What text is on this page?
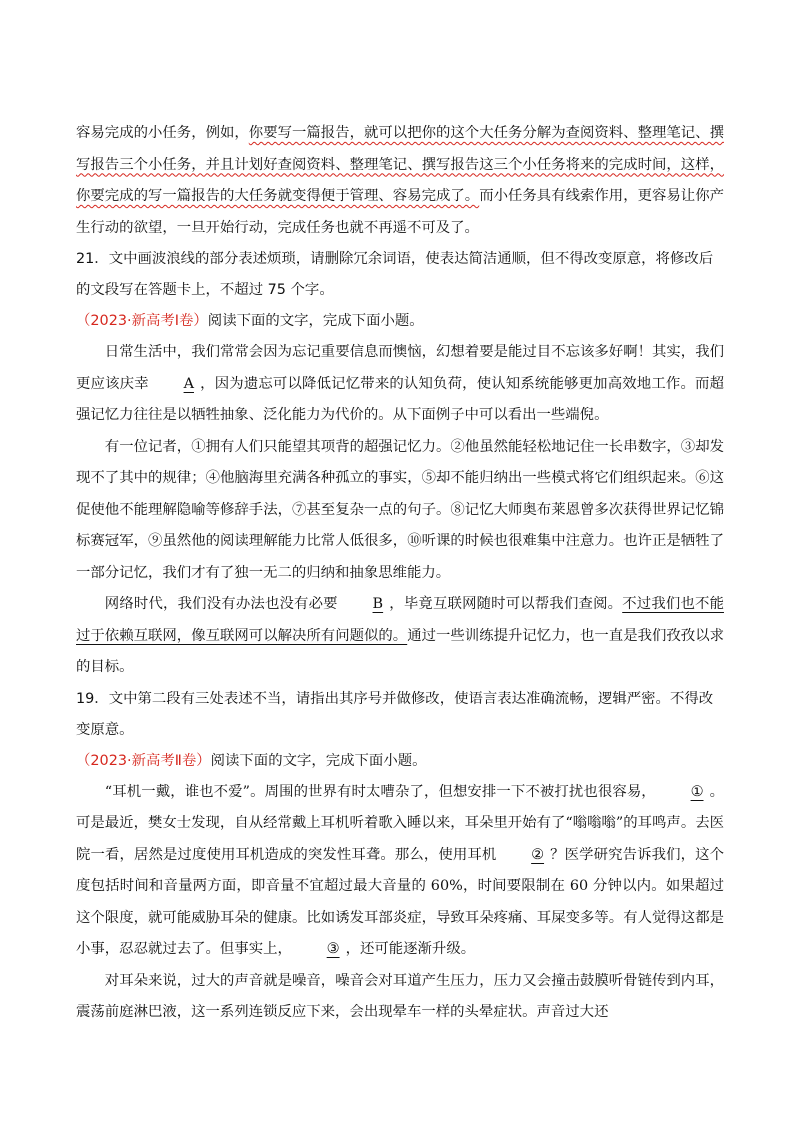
容易完成的小任务，例如，你要写一篇报告，就可以把你的这个大任务分解为查阅资料、整理笔记、撰写报告三个小任务，并且计划好查阅资料、整理笔记、撰写报告这三个小任务将来的完成时间，这样，你要完成的写一篇报告的大任务就变得便于管理、容易完成了。而小任务具有线索作用，更容易让你产生行动的欲望，一旦开始行动，完成任务也就不再遥不可及了。

21．文中画波浪线的部分表述烦琐，请删除冗余词语，使表达简洁通顺，但不得改变原意，将修改后的文段写在答题卡上，不超过 75 个字。

（2023·新高考Ⅰ卷）阅读下面的文字，完成下面小题。

日常生活中，我们常常会因为忘记重要信息而懊恼，幻想着要是能过目不忘该多好啊！其实，我们更应该庆幸 A ，因为遗忘可以降低记忆带来的认知负荷，使认知系统能够更加高效地工作。而超强记忆力往往是以牺牲抽象、泛化能力为代价的。从下面例子中可以看出一些端倪。

有一位记者，①拥有人们只能望其项背的超强记忆力。②他虽然能轻松地记住一长串数字，③却发现不了其中的规律；④他脑海里充满各种孤立的事实，⑤却不能归纳出一些模式将它们组织起来。⑥这促使他不能理解隐喻等修辞手法，⑦甚至复杂一点的句子。⑧记忆大师奥布莱恩曾多次获得世界记忆锦标赛冠军，⑨虽然他的阅读理解能力比常人低很多，⑩听课的时候也很难集中注意力。也许正是牺牲了一部分记忆，我们才有了独一无二的归纳和抽象思维能力。

网络时代，我们没有办法也没有必要 B ，毕竟互联网随时可以帮我们查阅。不过我们也不能过于依赖互联网，像互联网可以解决所有问题似的。通过一些训练提升记忆力，也一直是我们孜孜以求的目标。

19．文中第二段有三处表述不当，请指出其序号并做修改，使语言表达准确流畅，逻辑严密。不得改变原意。

（2023·新高考Ⅱ卷）阅读下面的文字，完成下面小题。

“耳机一戴，谁也不爱”。周围的世界有时太嘈杂了，但想安排一下不被打扰也很容易， ① 。可是最近，樊女士发现，自从经常戴上耳机听着歌入睡以来，耳朵里开始有了“嗡嗡嗡”的耳鸣声。去医院一看，居然是过度使用耳机造成的突发性耳聋。那么，使用耳机 ② ？医学研究告诉我们，这个度包括时间和音量两方面，即音量不宜超过最大音量的 60%，时间要限制在 60 分钟以内。如果超过这个限度，就可能威胁耳朵的健康。比如诱发耳部炎症，导致耳朵疼痛、耳屎变多等。有人觉得这都是小事，忍忍就过去了。但事实上， ③ ，还可能逐渐升级。

对耳朵来说，过大的声音就是噪音，噪音会对耳道产生压力，压力又会撞击鼓膜听骨链传到内耳，震荡前庭淋巴液，这一系列连锁反应下来，会出现晕车一样的头晕症状。声音过大还
